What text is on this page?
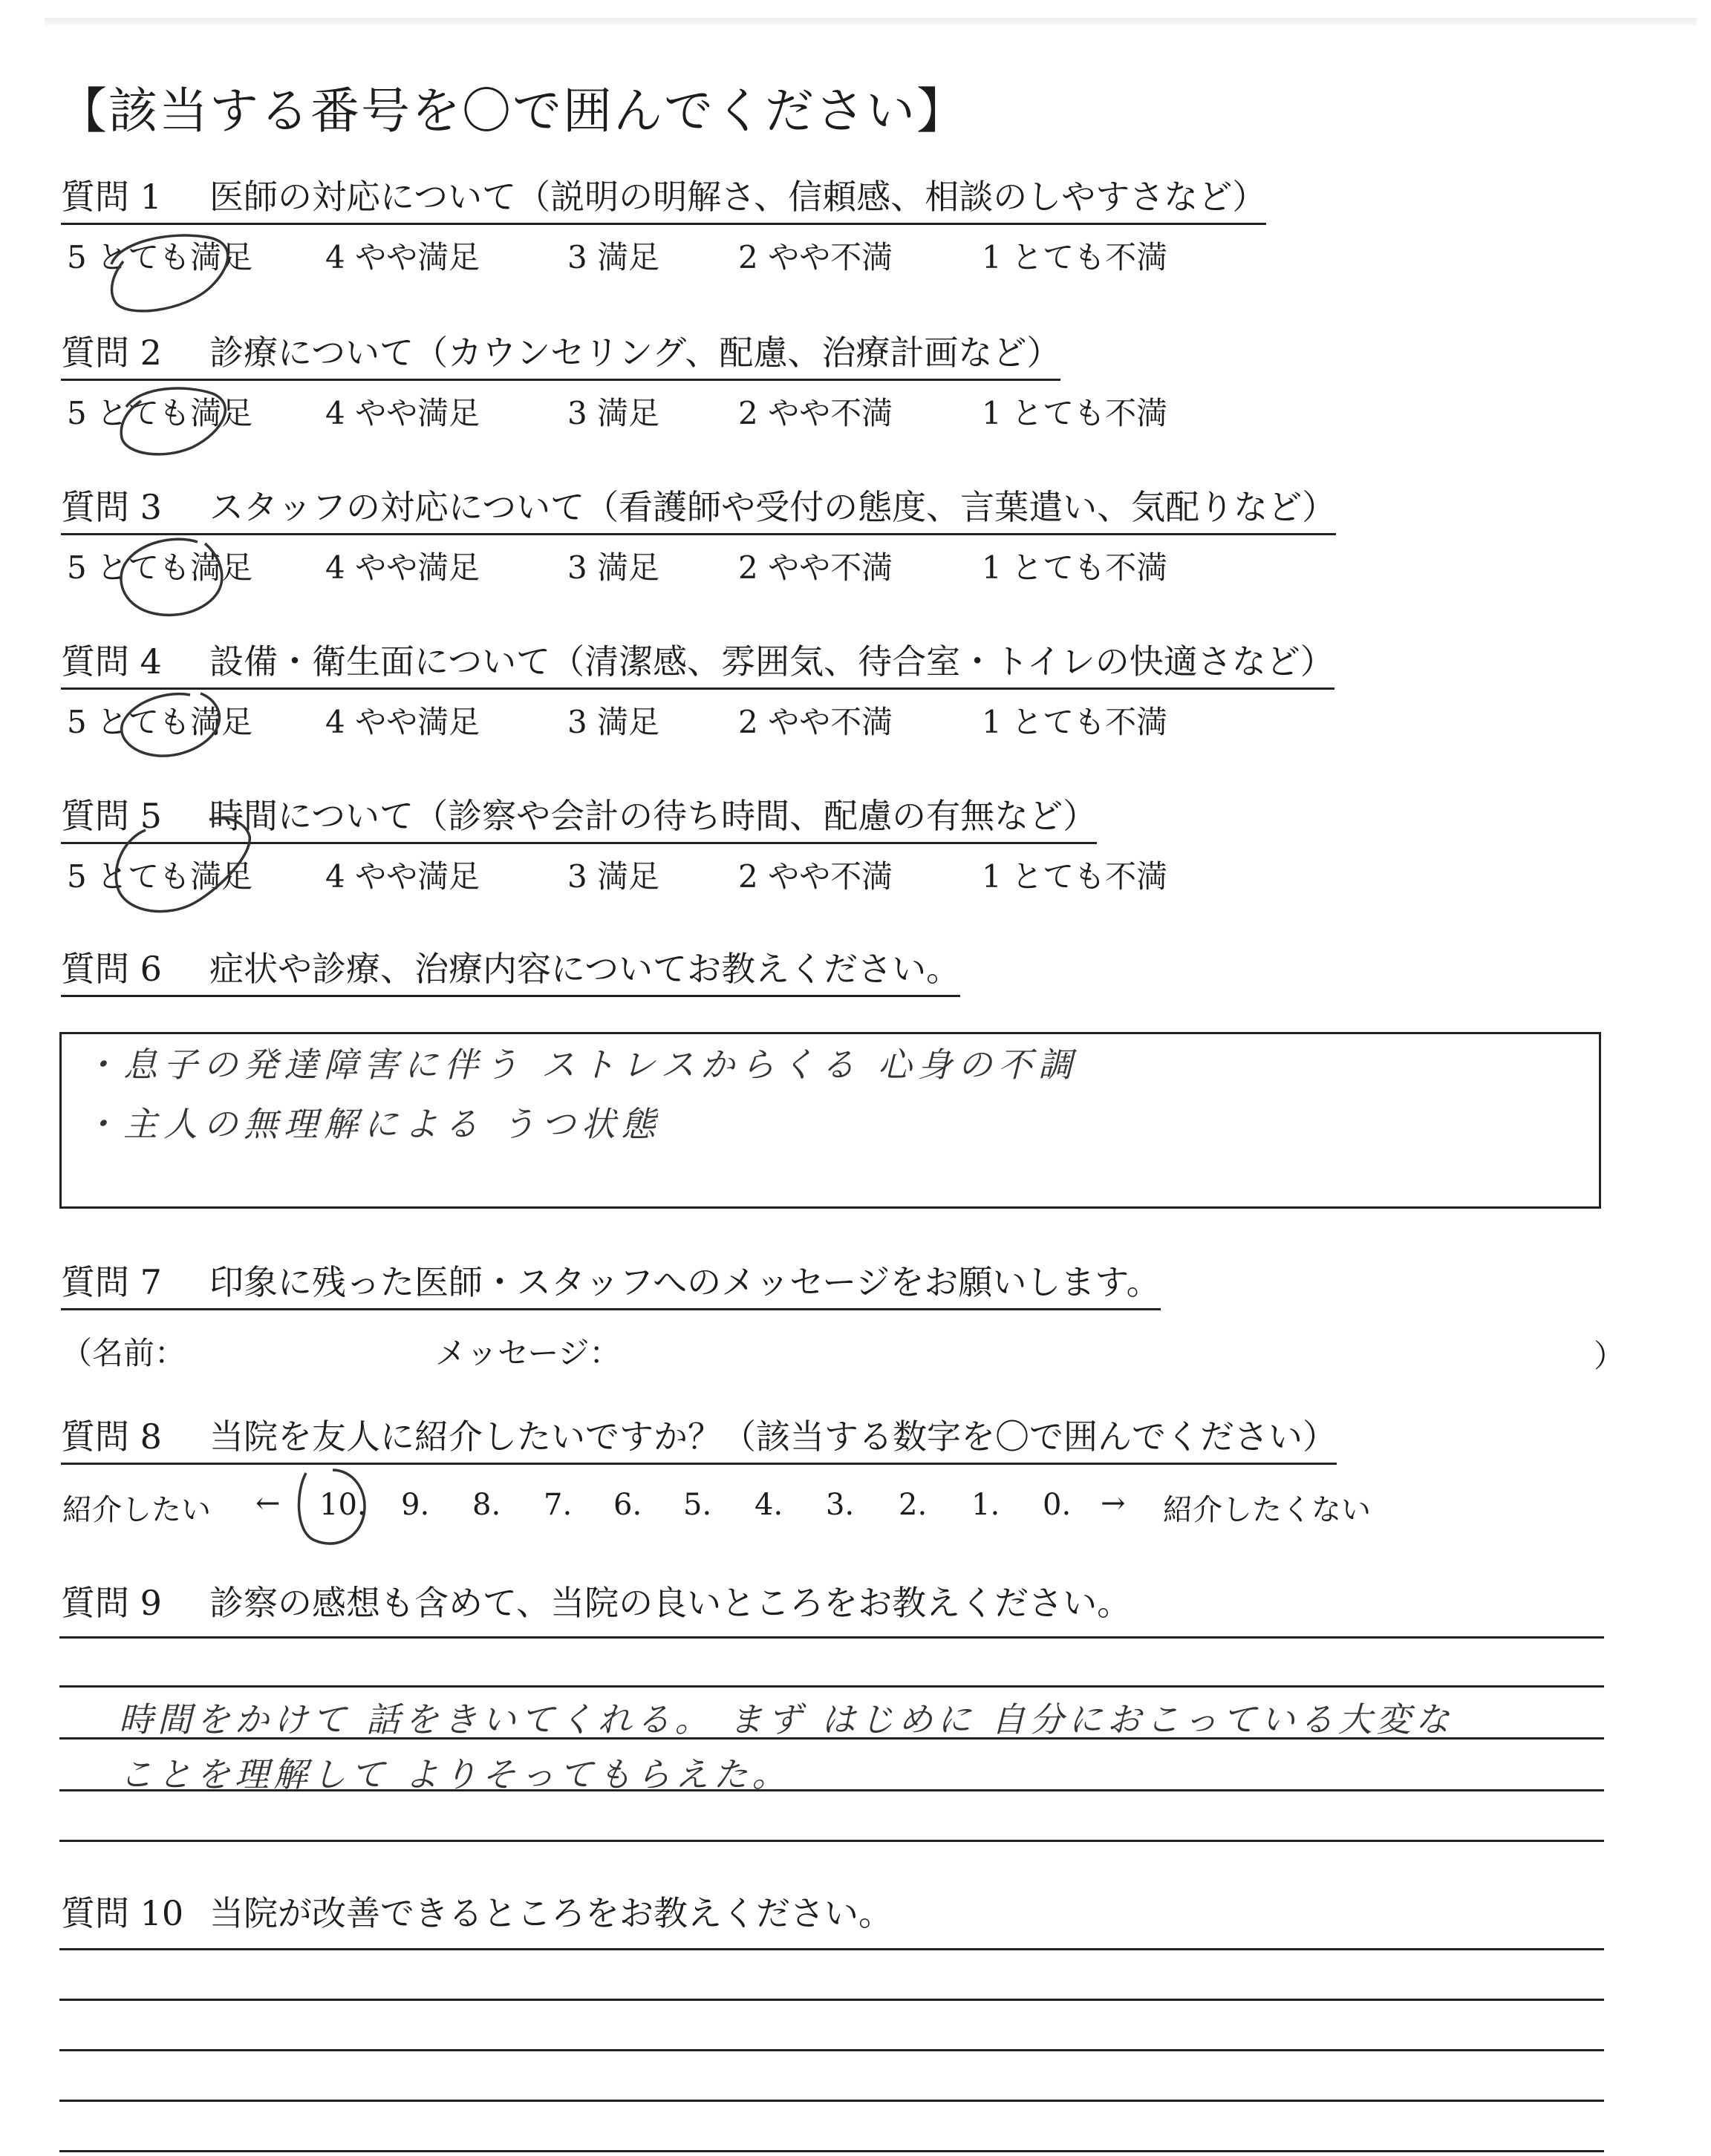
【該当する番号を〇で囲んでください】
質問 1 医師の対応について（説明の明解さ、信頼感、相談のしやすさなど）
5 とても満足 4 やや満足	3 満足	2 やや不満	1 とても不満
質問 2 診療について（カウンセリング、配慮、治療計画など）
5 とても満足 4 やや満足	3 満足	2 やや不満	1 とても不満
質問 3 スタッフの対応について（看護師や受付の態度、言葉遣い、気配りなど）
5 とても満足 4 やや満足	3 満足	2 やや不満	1 とても不満
質問 4 設備・衛生面について（清潔感、雰囲気、待合室・トイレの快適さなど）
5 とても満足 4 やや満足	3 満足	2 やや不満	1 とても不満
質問 5 時間について（診察や会計の待ち時間、配慮の有無など）
5 とても満足 4 やや満足	3 満足	2 やや不満	1 とても不満
質問 6 症状や診療、治療内容についてお教えください。
・息子の発達障害に伴う ストレスからくる 心身の不調
・主人の無理解による うつ状態
質問 7 印象に残った医師・スタッフへのメッセージをお願いします。
（名前：	メッセージ：	）
質問 8 当院を友人に紹介したいですか？（該当する数字を〇で囲んでください）
紹介したい ← 10. 9. 8. 7. 6. 5. 4. 3. 2. 1. 0. → 紹介したくない
質問 9 診察の感想も含めて、当院の良いところをお教えください。
時間をかけて 話をきいてくれる。 まず はじめに 自分におこっている大変な
ことを理解して よりそってもらえた。
質問 10 当院が改善できるところをお教えください。
